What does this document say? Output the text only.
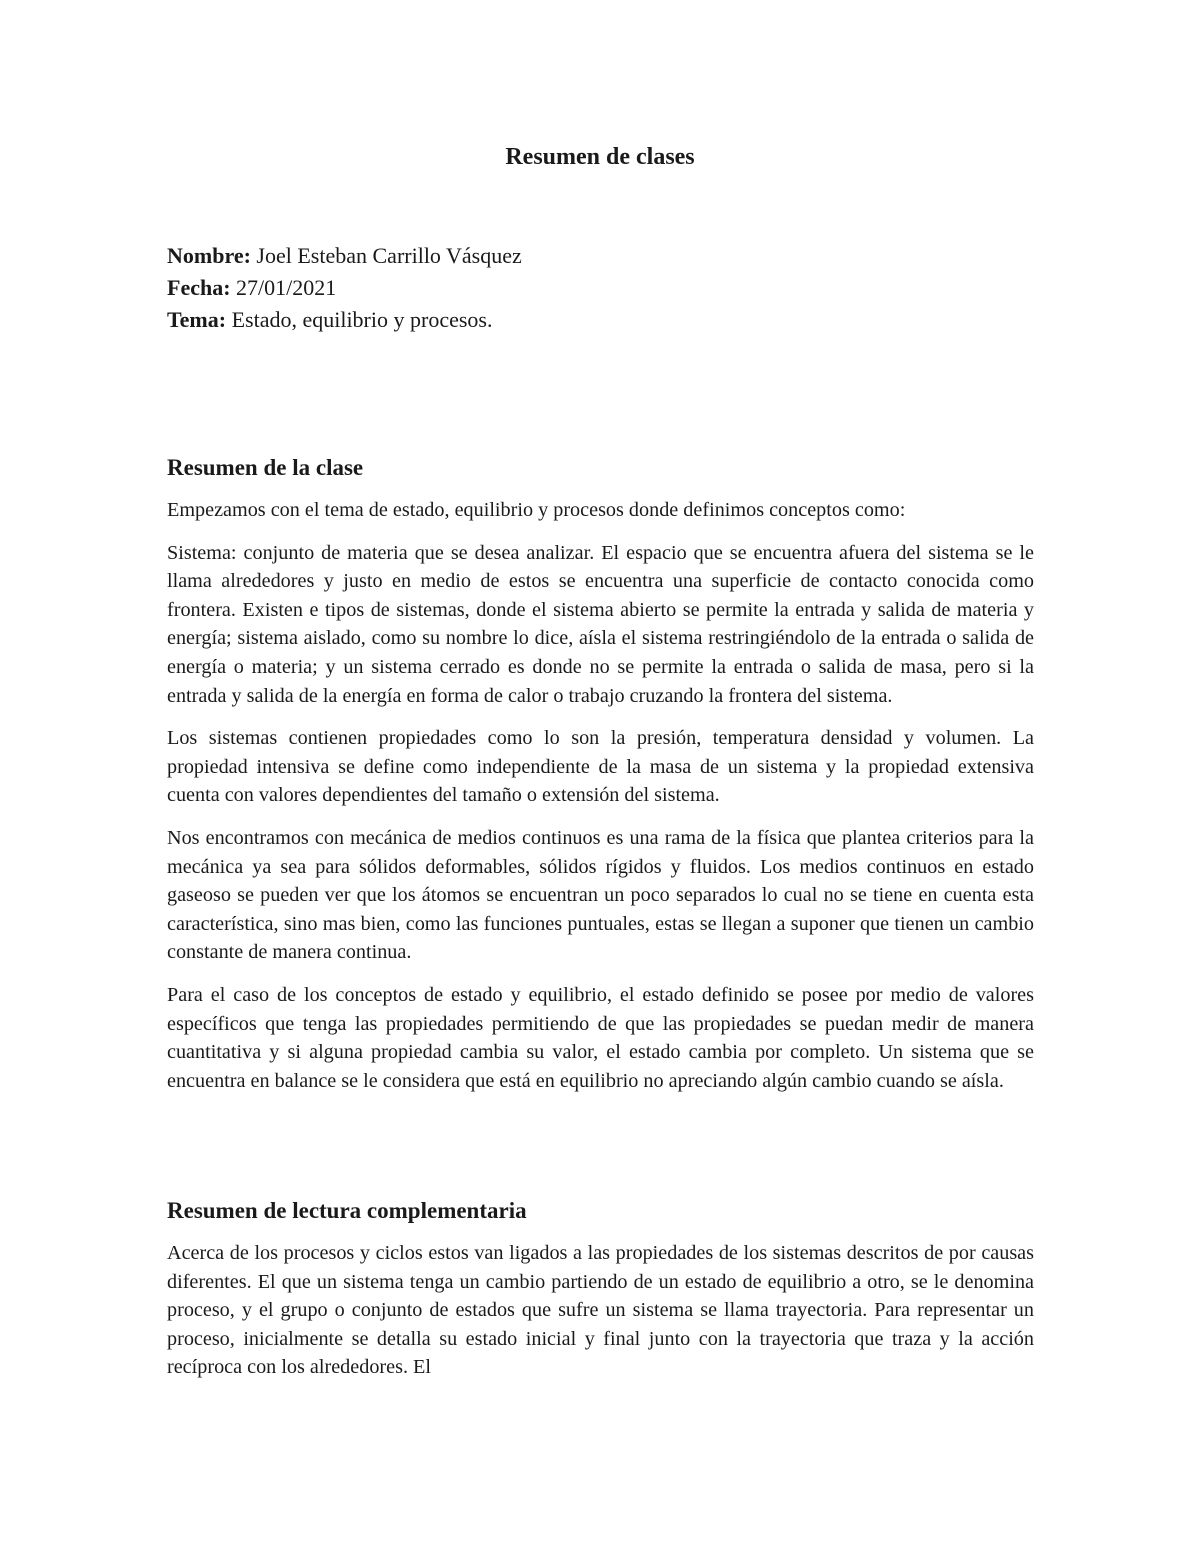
Resumen de clases

Nombre: Joel Esteban Carrillo Vásquez

Fecha: 27/01/2021

Tema: Estado, equilibrio y procesos.

Resumen de la clase

Empezamos con el tema de estado, equilibrio y procesos donde definimos conceptos como:

Sistema: conjunto de materia que se desea analizar. El espacio que se encuentra afuera del sistema se le llama alrededores y justo en medio de estos se encuentra una superficie de contacto conocida como frontera. Existen e tipos de sistemas, donde el sistema abierto se permite la entrada y salida de materia y energía; sistema aislado, como su nombre lo dice, aísla el sistema restringiéndolo de la entrada o salida de energía o materia; y un sistema cerrado es donde no se permite la entrada o salida de masa, pero si la entrada y salida de la energía en forma de calor o trabajo cruzando la frontera del sistema.

Los sistemas contienen propiedades como lo son la presión, temperatura densidad y volumen. La propiedad intensiva se define como independiente de la masa de un sistema y la propiedad extensiva cuenta con valores dependientes del tamaño o extensión del sistema.

Nos encontramos con mecánica de medios continuos es una rama de la física que plantea criterios para la mecánica ya sea para sólidos deformables, sólidos rígidos y fluidos. Los medios continuos en estado gaseoso se pueden ver que los átomos se encuentran un poco separados lo cual no se tiene en cuenta esta característica, sino mas bien, como las funciones puntuales, estas se llegan a suponer que tienen un cambio constante de manera continua.

Para el caso de los conceptos de estado y equilibrio, el estado definido se posee por medio de valores específicos que tenga las propiedades permitiendo de que las propiedades se puedan medir de manera cuantitativa y si alguna propiedad cambia su valor, el estado cambia por completo. Un sistema que se encuentra en balance se le considera que está en equilibrio no apreciando algún cambio cuando se aísla.

Resumen de lectura complementaria

Acerca de los procesos y ciclos estos van ligados a las propiedades de los sistemas descritos de por causas diferentes. El que un sistema tenga un cambio partiendo de un estado de equilibrio a otro, se le denomina proceso, y el grupo o conjunto de estados que sufre un sistema se llama trayectoria. Para representar un proceso, inicialmente se detalla su estado inicial y final junto con la trayectoria que traza y la acción recíproca con los alrededores. El
